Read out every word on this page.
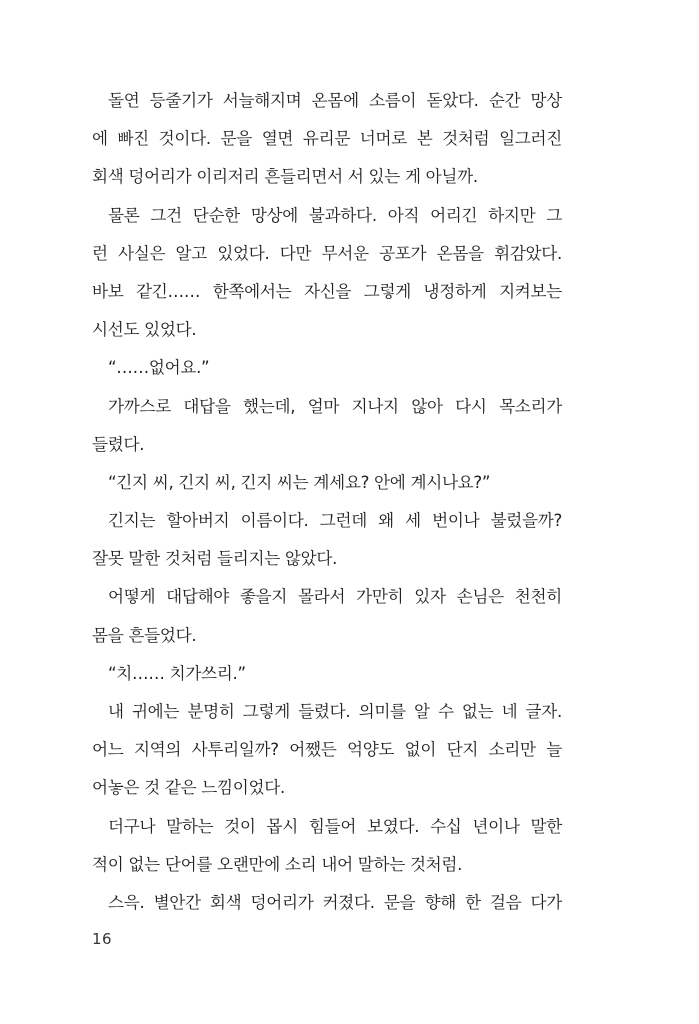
돌연 등줄기가 서늘해지며 온몸에 소름이 돋았다. 순간 망상
에 빠진 것이다. 문을 열면 유리문 너머로 본 것처럼 일그러진
회색 덩어리가 이리저리 흔들리면서 서 있는 게 아닐까.
물론 그건 단순한 망상에 불과하다. 아직 어리긴 하지만 그
런 사실은 알고 있었다. 다만 무서운 공포가 온몸을 휘감았다.
바보 같긴…… 한쪽에서는 자신을 그렇게 냉정하게 지켜보는
시선도 있었다.
“……없어요.”
가까스로 대답을 했는데, 얼마 지나지 않아 다시 목소리가
들렸다.
“긴지 씨, 긴지 씨, 긴지 씨는 계세요? 안에 계시나요?”
긴지는 할아버지 이름이다. 그런데 왜 세 번이나 불렀을까?
잘못 말한 것처럼 들리지는 않았다.
어떻게 대답해야 좋을지 몰라서 가만히 있자 손님은 천천히
몸을 흔들었다.
“치…… 치가쓰리.”
내 귀에는 분명히 그렇게 들렸다. 의미를 알 수 없는 네 글자.
어느 지역의 사투리일까? 어쨌든 억양도 없이 단지 소리만 늘
어놓은 것 같은 느낌이었다.
더구나 말하는 것이 몹시 힘들어 보였다. 수십 년이나 말한
적이 없는 단어를 오랜만에 소리 내어 말하는 것처럼.
스윽. 별안간 회색 덩어리가 커졌다. 문을 향해 한 걸음 다가
16
